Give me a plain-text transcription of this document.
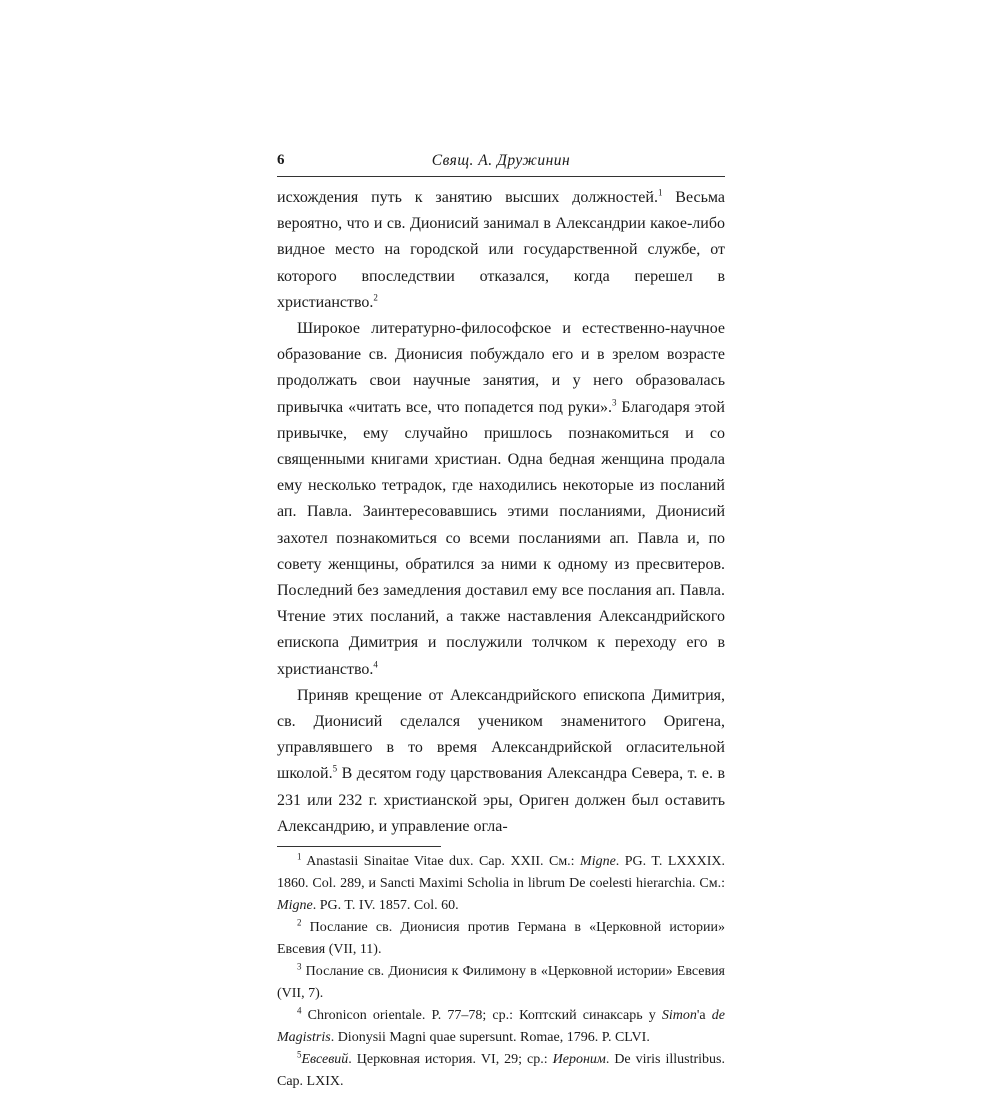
6	Свящ. А. Дружинин

исхождения путь к занятию высших должностей.$^1$ Весьма вероятно, что и св. Дионисий занимал в Александрии какое-либо видное место на городской или государственной службе, от которого впоследствии отказался, когда перешел в христианство.$^2$

Широкое литературно-философское и естественно-научное образование св. Дионисия побуждало его и в зрелом возрасте продолжать свои научные занятия, и у него образовалась привычка «читать все, что попадется под руки».$^3$ Благодаря этой привычке, ему случайно пришлось познакомиться и со священными книгами христиан. Одна бедная женщина продала ему несколько тетрадок, где находились некоторые из посланий ап. Павла. Заинтересовавшись этими посланиями, Дионисий захотел познакомиться со всеми посланиями ап. Павла и, по совету женщины, обратился за ними к одному из пресвитеров. Последний без замедления доставил ему все послания ап. Павла. Чтение этих посланий, а также наставления Александрийского епископа Димитрия и послужили толчком к переходу его в христианство.$^4$

Приняв крещение от Александрийского епископа Димитрия, св. Дионисий сделался учеником знаменитого Оригена, управлявшего в то время Александрийской огласительной школой.$^5$ В десятом году царствования Александра Севера, т. е. в 231 или 232 г. христианской эры, Ориген должен был оставить Александрию, и управление огла-

$^1$ Anastasii Sinaitae Vitae dux. Cap. XXII. См.: Migne. PG. T. LXXXIX. 1860. Col. 289, и Sancti Maximi Scholia in librum De coelesti hierarchia. См.: Migne. PG. T. IV. 1857. Col. 60.

$^2$ Послание св. Дионисия против Германа в «Церковной истории» Евсевия (VII, 11).

$^3$ Послание св. Дионисия к Филимону в «Церковной истории» Евсевия (VII, 7).

$^4$ Chronicon orientale. P. 77–78; ср.: Коптский синаксарь у Simon'a de Magistris. Dionysii Magni quae supersunt. Romae, 1796. P. CLVI.

$^5$Евсевий. Церковная история. VI, 29; ср.: Иероним. De viris illustribus. Cap. LXIX.
